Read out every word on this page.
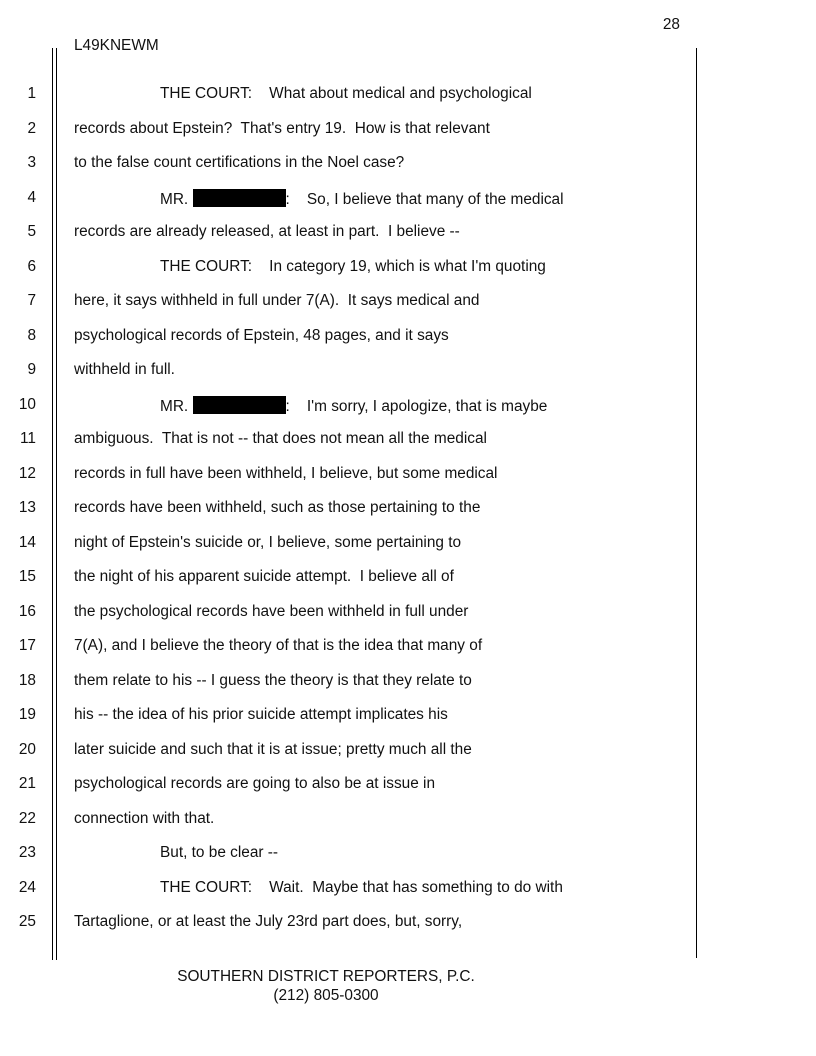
28
L49KNEWM
1	THE COURT:    What about medical and psychological
2 records about Epstein?  That's entry 19.  How is that relevant
3 to the false count certifications in the Noel case?
4	MR.	:    So, I believe that many of the medical
5 records are already released, at least in part.  I believe --
6	THE COURT:    In category 19, which is what I'm quoting
7 here, it says withheld in full under 7(A).  It says medical and
8 psychological records of Epstein, 48 pages, and it says
9 withheld in full.
10	MR.	:    I'm sorry, I apologize, that is maybe
11 ambiguous.  That is not -- that does not mean all the medical
12 records in full have been withheld, I believe, but some medical
13 records have been withheld, such as those pertaining to the
14 night of Epstein's suicide or, I believe, some pertaining to
15 the night of his apparent suicide attempt.  I believe all of
16 the psychological records have been withheld in full under
17 7(A), and I believe the theory of that is the idea that many of
18 them relate to his -- I guess the theory is that they relate to
19 his -- the idea of his prior suicide attempt implicates his
20 later suicide and such that it is at issue; pretty much all the
21 psychological records are going to also be at issue in
22 connection with that.
23	But, to be clear --
24	THE COURT:    Wait.  Maybe that has something to do with
25 Tartaglione, or at least the July 23rd part does, but, sorry,
SOUTHERN DISTRICT REPORTERS, P.C.
(212) 805-0300
